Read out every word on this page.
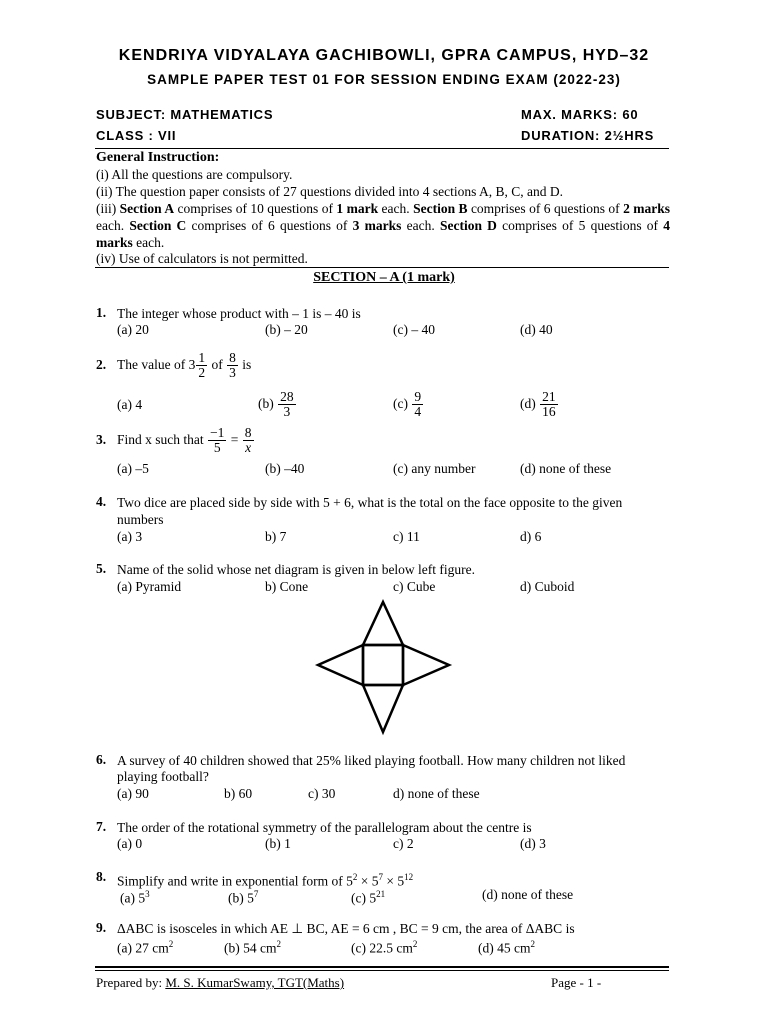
KENDRIYA VIDYALAYA GACHIBOWLI, GPRA CAMPUS, HYD–32
SAMPLE PAPER TEST 01 FOR SESSION ENDING EXAM (2022-23)
SUBJECT: MATHEMATICS	MAX. MARKS: 60
CLASS : VII	DURATION: 2½HRS
General Instruction:
(i) All the questions are compulsory.
(ii) The question paper consists of 27 questions divided into 4 sections A, B, C, and D.
(iii) Section A comprises of 10 questions of 1 mark each. Section B comprises of 6 questions of 2 marks each. Section C comprises of 6 questions of 3 marks each. Section D comprises of 5 questions of 4 marks each.
(iv) Use of calculators is not permitted.
SECTION – A (1 mark)
1. The integer whose product with – 1 is – 40 is
(a) 20	(b) – 20	(c) – 40	(d) 40
2. The value of $3 \frac{1}{2}$ of $\frac{8}{3}$ is
(a) 4	$(b) \frac{28}{3}$	$(c) \frac{9}{4}$	$(d) \frac{21}{16}$
3. Find x such that $\frac{-1}{5} = \frac{8}{x}$
(a) –5	(b) –40	(c) any number	(d) none of these
4. Two dice are placed side by side with 5 + 6, what is the total on the face opposite to the given
numbers
(a) 3	b) 7	c) 11	d) 6
5. Name of the solid whose net diagram is given in below left figure.
(a) Pyramid	b) Cone	c) Cube	d) Cuboid
6. A survey of 40 children showed that 25% liked playing football. How many children not liked
playing football?
(a) 90	b) 60	c) 30	d) none of these
7. The order of the rotational symmetry of the parallelogram about the centre is
(a) 0	(b) 1	c) 2	(d) 3
8. Simplify and write in exponential form of $5^2 \times 5^7 \times 5^{12}$
(a) $5^3$	(b) $5^7$	(c) $5^{21}$	(d) none of these
9. ΔABC is isosceles in which AE ⊥ BC, AE = 6 cm , BC = 9 cm, the area of ΔABC is
(a) 27 $cm^2$	(b) 54 $cm^2$	(c) 22.5 $cm^2$	(d) 45 $cm^2$
Prepared by: M. S. KumarSwamy, TGT(Maths)	Page - 1 -
